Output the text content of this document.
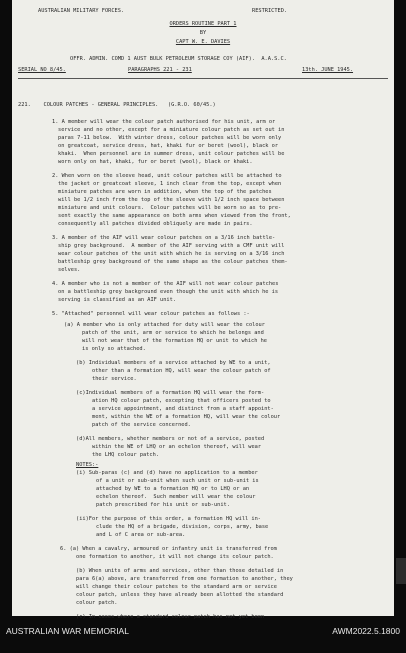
AUSTRALIAN MILITARY FORCES.	RESTRICTED.
ORDERS ROUTINE PART 1
BY
CAPT W. E. DAVIES
OFFR. ADMIN. COMD 1 AUST BULK PETROLEUM STORAGE COY (AIF).  A.A.S.C.
SERIAL NO 8/45.	PARAGRAPHS 221 - 231	13th. JUNE 1945.
221.    COLOUR PATCHES - GENERAL PRINCIPLES.   (G.R.O. 60/45.)
1. A member will wear the colour patch authorised for his unit, arm or
service and no other, except for a miniature colour patch as set out in
paras 7-11 below.  With winter dress, colour patches will be worn only
on greatcoat, service dress, hat, khaki fur or beret (wool), black or
khaki.  When personnel are in summer dress, unit colour patches will be
worn only on hat, khaki, fur or beret (wool), black or khaki.
2. When worn on the sleeve head, unit colour patches will be attached to
the jacket or greatcoat sleeve, 1 inch clear from the top, except when
miniature patches are worn in addition, when the top of the patches
will be 1/2 inch from the top of the sleeve with 1/2 inch space between
miniature and unit colours.  Colour patches will be worn so as to pre-
sent exactly the same appearance on both arms when viewed from the front,
consequently all patches divided obliquely are made in pairs.
3. A member of the AIF will wear colour patches on a 3/16 inch battle-
ship grey background.  A member of the AIF serving with a CMF unit will
wear colour patches of the unit with which he is serving on a 3/16 inch
battleship grey background of the same shape as the colour patches them-
selves.
4. A member who is not a member of the AIF will not wear colour patches
on a battleship grey background even though the unit with which he is
serving is classified as an AIF unit.
5. "Attached" personnel will wear colour patches as follows :-
(a) A member who is only attached for duty will wear the colour
patch of the unit, arm or service to which he belongs and
will not wear that of the formation HQ or unit to which he
is only so attached.
(b) Individual members of a service attached by WE to a unit,
other than a formation HQ, will wear the colour patch of
their service.
(c)Individual members of a formation HQ will wear the form-
ation HQ colour patch, excepting that officers posted to
a service appointment, and distinct from a staff appoint-
ment, within the WE of a formation HQ, will wear the colour
patch of the service concerned.
(d)All members, whether members or not of a service, posted
within the WE of LHQ or an echelon thereof, will wear
the LHQ colour patch.
NOTES:-
(i) Sub-paras (c) and (d) have no application to a member
of a unit or sub-unit when such unit or sub-unit is
attached by WE to a formation HQ or to LHQ or an
echelon thereof.  Such member will wear the colour
patch prescribed for his unit or sub-unit.
(ii)For the purpose of this order, a formation HQ will in-
clude the HQ of a brigade, division, corps, army, base
and L of C area or sub-area.
6. (a) When a cavalry, armoured or infantry unit is transferred from
one formation to another, it will not change its colour patch.
(b) When units of arms and services, other than those detailed in
para 6(a) above, are transferred from one formation to another, they
will change their colour patches to the standard arm or service
colour patch, unless they have already been allotted the standard
colour patch.
(c) In cases where a standard colour patch has not yet been
AUSTRALIAN WAR MEMORIAL	AWM2022.5.1800
